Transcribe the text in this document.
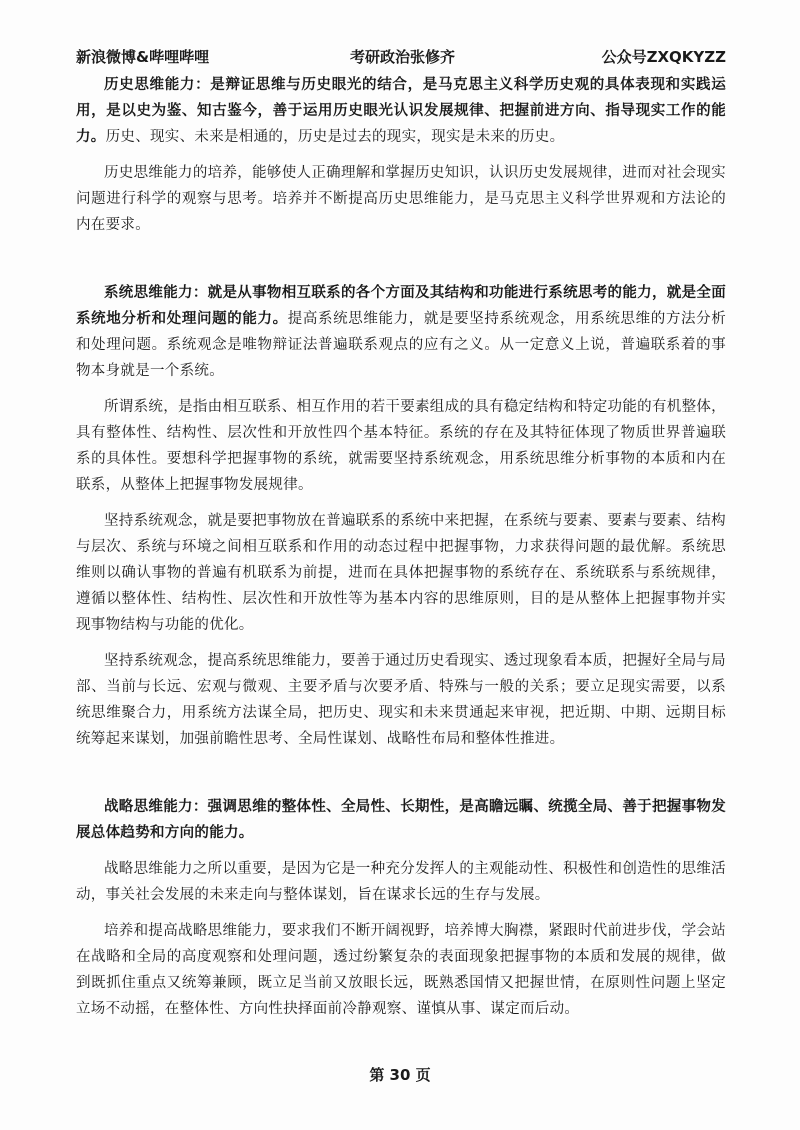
新浪微博&哔哩哔哩	考研政治张修齐	公众号ZXQKYZZ

历史思维能力：是辩证思维与历史眼光的结合，是马克思主义科学历史观的具体表现和实践运用，是以史为鉴、知古鉴今，善于运用历史眼光认识发展规律、把握前进方向、指导现实工作的能力。历史、现实、未来是相通的，历史是过去的现实，现实是未来的历史。

历史思维能力的培养，能够使人正确理解和掌握历史知识，认识历史发展规律，进而对社会现实问题进行科学的观察与思考。培养并不断提高历史思维能力，是马克思主义科学世界观和方法论的内在要求。

系统思维能力：就是从事物相互联系的各个方面及其结构和功能进行系统思考的能力，就是全面系统地分析和处理问题的能力。提高系统思维能力，就是要坚持系统观念，用系统思维的方法分析和处理问题。系统观念是唯物辩证法普遍联系观点的应有之义。从一定意义上说，普遍联系着的事物本身就是一个系统。

所谓系统，是指由相互联系、相互作用的若干要素组成的具有稳定结构和特定功能的有机整体，具有整体性、结构性、层次性和开放性四个基本特征。系统的存在及其特征体现了物质世界普遍联系的具体性。要想科学把握事物的系统，就需要坚持系统观念，用系统思维分析事物的本质和内在联系，从整体上把握事物发展规律。

坚持系统观念，就是要把事物放在普遍联系的系统中来把握，在系统与要素、要素与要素、结构与层次、系统与环境之间相互联系和作用的动态过程中把握事物，力求获得问题的最优解。系统思维则以确认事物的普遍有机联系为前提，进而在具体把握事物的系统存在、系统联系与系统规律，遵循以整体性、结构性、层次性和开放性等为基本内容的思维原则，目的是从整体上把握事物并实现事物结构与功能的优化。

坚持系统观念，提高系统思维能力，要善于通过历史看现实、透过现象看本质，把握好全局与局部、当前与长远、宏观与微观、主要矛盾与次要矛盾、特殊与一般的关系；要立足现实需要，以系统思维聚合力，用系统方法谋全局，把历史、现实和未来贯通起来审视，把近期、中期、远期目标统筹起来谋划，加强前瞻性思考、全局性谋划、战略性布局和整体性推进。

战略思维能力：强调思维的整体性、全局性、长期性，是高瞻远瞩、统揽全局、善于把握事物发展总体趋势和方向的能力。

战略思维能力之所以重要，是因为它是一种充分发挥人的主观能动性、积极性和创造性的思维活动，事关社会发展的未来走向与整体谋划，旨在谋求长远的生存与发展。

培养和提高战略思维能力，要求我们不断开阔视野，培养博大胸襟，紧跟时代前进步伐，学会站在战略和全局的高度观察和处理问题，透过纷繁复杂的表面现象把握事物的本质和发展的规律，做到既抓住重点又统筹兼顾，既立足当前又放眼长远，既熟悉国情又把握世情，在原则性问题上坚定立场不动摇，在整体性、方向性抉择面前冷静观察、谨慎从事、谋定而后动。

第 30 页
